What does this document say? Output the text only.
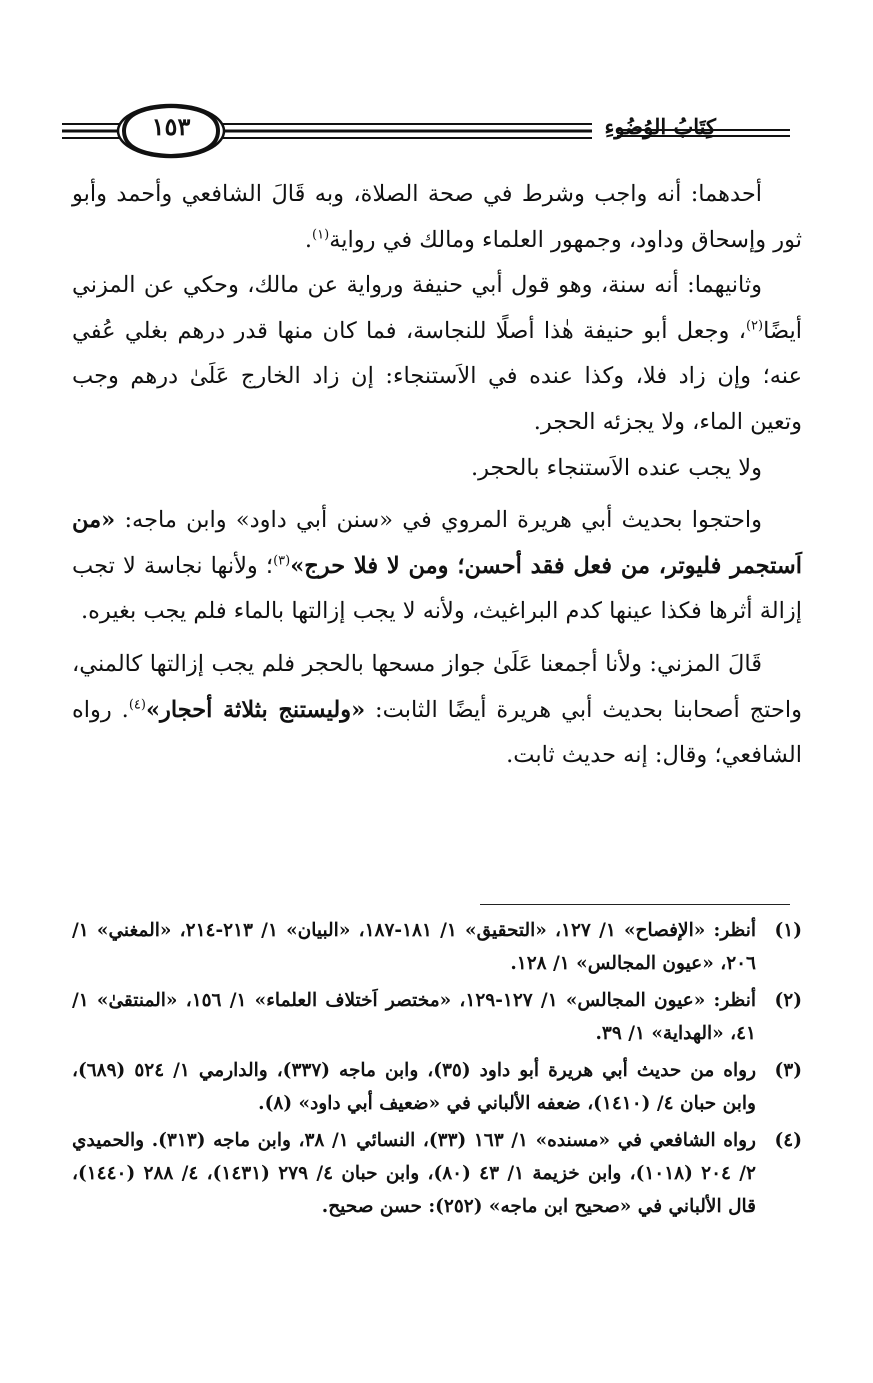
١٥٣	كِتَابُ الوُضُوءِ

أحدهما: أنه واجب وشرط في صحة الصلاة، وبه قَالَ الشافعي وأحمد وأبو ثور وإسحاق وداود، وجمهور العلماء ومالك في رواية$^{(١)}$.

وثانيهما: أنه سنة، وهو قول أبي حنيفة ورواية عن مالك، وحكي عن المزني أيضًا$^{(٢)}$، وجعل أبو حنيفة هٰذا أصلًا للنجاسة، فما كان منها قدر درهم بغلي عُفي عنه؛ وإن زاد فلا، وكذا عنده في الاَستنجاء: إن زاد الخارج عَلَىٰ درهم وجب وتعين الماء، ولا يجزئه الحجر.

ولا يجب عنده الاَستنجاء بالحجر.

واحتجوا بحديث أبي هريرة المروي في «سنن أبي داود» وابن ماجه: «من اَستجمر فليوتر، من فعل فقد أحسن؛ ومن لا فلا حرج»$^{(٣)}$؛ ولأنها نجاسة لا تجب إزالة أثرها فكذا عينها كدم البراغيث، ولأنه لا يجب إزالتها بالماء فلم يجب بغيره.

قَالَ المزني: ولأنا أجمعنا عَلَىٰ جواز مسحها بالحجر فلم يجب إزالتها كالمني، واحتج أصحابنا بحديث أبي هريرة أيضًا الثابت: «وليستنج بثلاثة أحجار»$^{(٤)}$. رواه الشافعي؛ وقال: إنه حديث ثابت.

(١)
أنظر: «الإفصاح» ١/ ١٢٧، «التحقيق» ١/ ١٨١-١٨٧، «البيان» ١/ ٢١٣-٢١٤، «المغني» ١/ ٢٠٦، «عيون المجالس» ١/ ١٢٨.
(٢)
أنظر: «عيون المجالس» ١/ ١٢٧-١٢٩، «مختصر اَختلاف العلماء» ١/ ١٥٦، «المنتقىٰ» ١/ ٤١، «الهداية» ١/ ٣٩.
(٣)
رواه من حديث أبي هريرة أبو داود (٣٥)، وابن ماجه (٣٣٧)، والدارمي ١/ ٥٢٤ (٦٨٩)، وابن حبان ٤/ (١٤١٠)، ضعفه الألباني في «ضعيف أبي داود» (٨).
(٤)
رواه الشافعي في «مسنده» ١/ ١٦٣ (٣٣)، النسائي ١/ ٣٨، وابن ماجه (٣١٣). والحميدي ٢/ ٢٠٤ (١٠١٨)، وابن خزيمة ١/ ٤٣ (٨٠)، وابن حبان ٤/ ٢٧٩ (١٤٣١)، ٤/ ٢٨٨ (١٤٤٠)، قال الألباني في «صحيح ابن ماجه» (٢٥٢): حسن صحيح.
